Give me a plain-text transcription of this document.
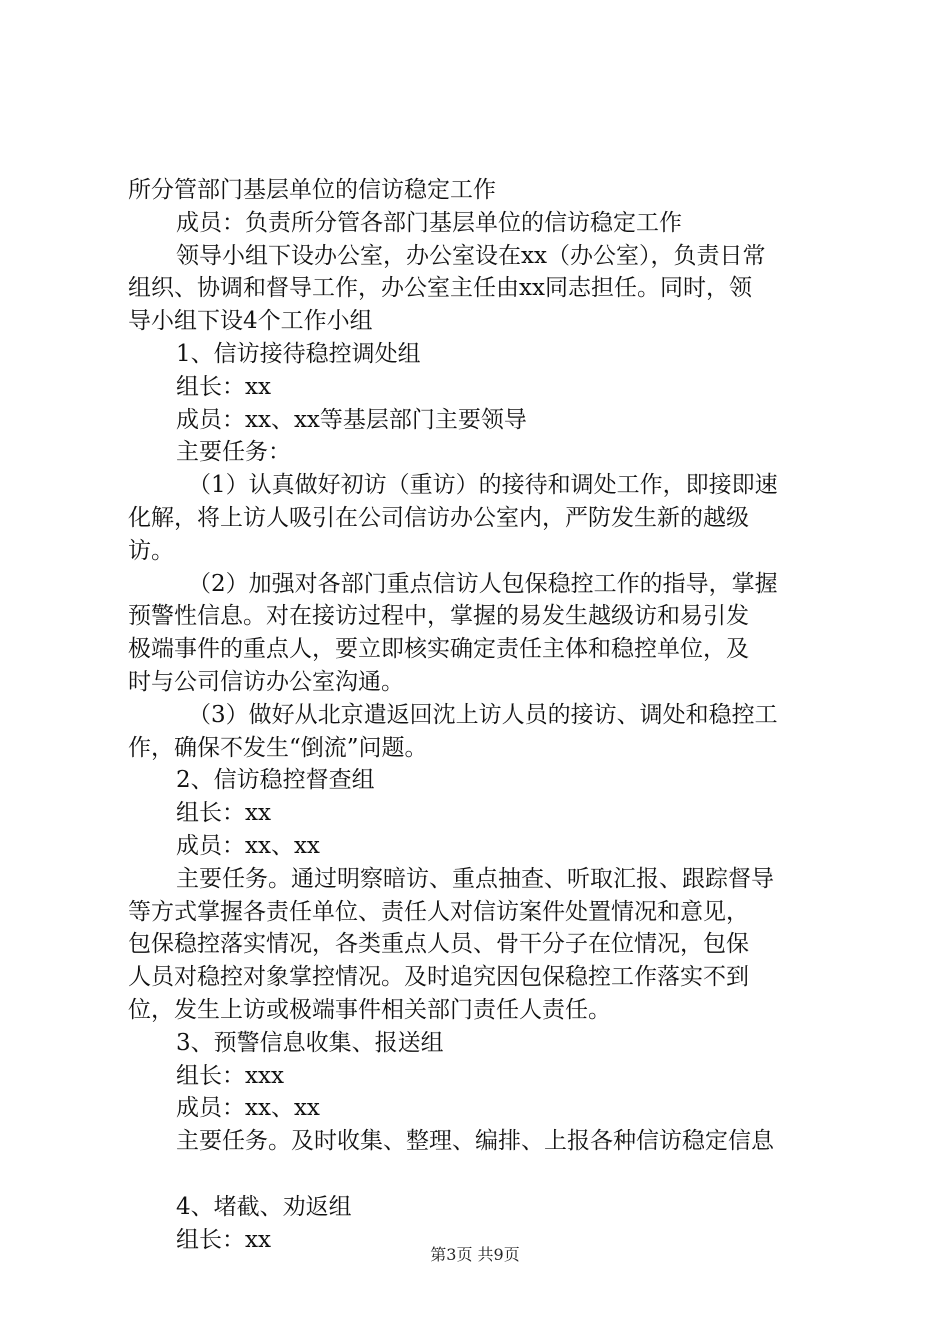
所分管部门基层单位的信访稳定工作
成员：负责所分管各部门基层单位的信访稳定工作
领导小组下设办公室，办公室设在xx（办公室），负责日常
组织、协调和督导工作，办公室主任由xx同志担任。同时，领
导小组下设4个工作小组
1、信访接待稳控调处组
组长：xx
成员：xx、xx等基层部门主要领导
主要任务：
（1）认真做好初访（重访）的接待和调处工作，即接即速
化解，将上访人吸引在公司信访办公室内，严防发生新的越级
访。
（2）加强对各部门重点信访人包保稳控工作的指导，掌握
预警性信息。对在接访过程中，掌握的易发生越级访和易引发
极端事件的重点人，要立即核实确定责任主体和稳控单位，及
时与公司信访办公室沟通。
（3）做好从北京遣返回沈上访人员的接访、调处和稳控工
作，确保不发生“倒流”问题。
2、信访稳控督查组
组长：xx
成员：xx、xx
主要任务。通过明察暗访、重点抽查、听取汇报、跟踪督导
等方式掌握各责任单位、责任人对信访案件处置情况和意见，
包保稳控落实情况，各类重点人员、骨干分子在位情况，包保
人员对稳控对象掌控情况。及时追究因包保稳控工作落实不到
位，发生上访或极端事件相关部门责任人责任。
3、预警信息收集、报送组
组长：xxx
成员：xx、xx
主要任务。及时收集、整理、编排、上报各种信访稳定信息
4、堵截、劝返组
组长：xx
第3页 共9页
